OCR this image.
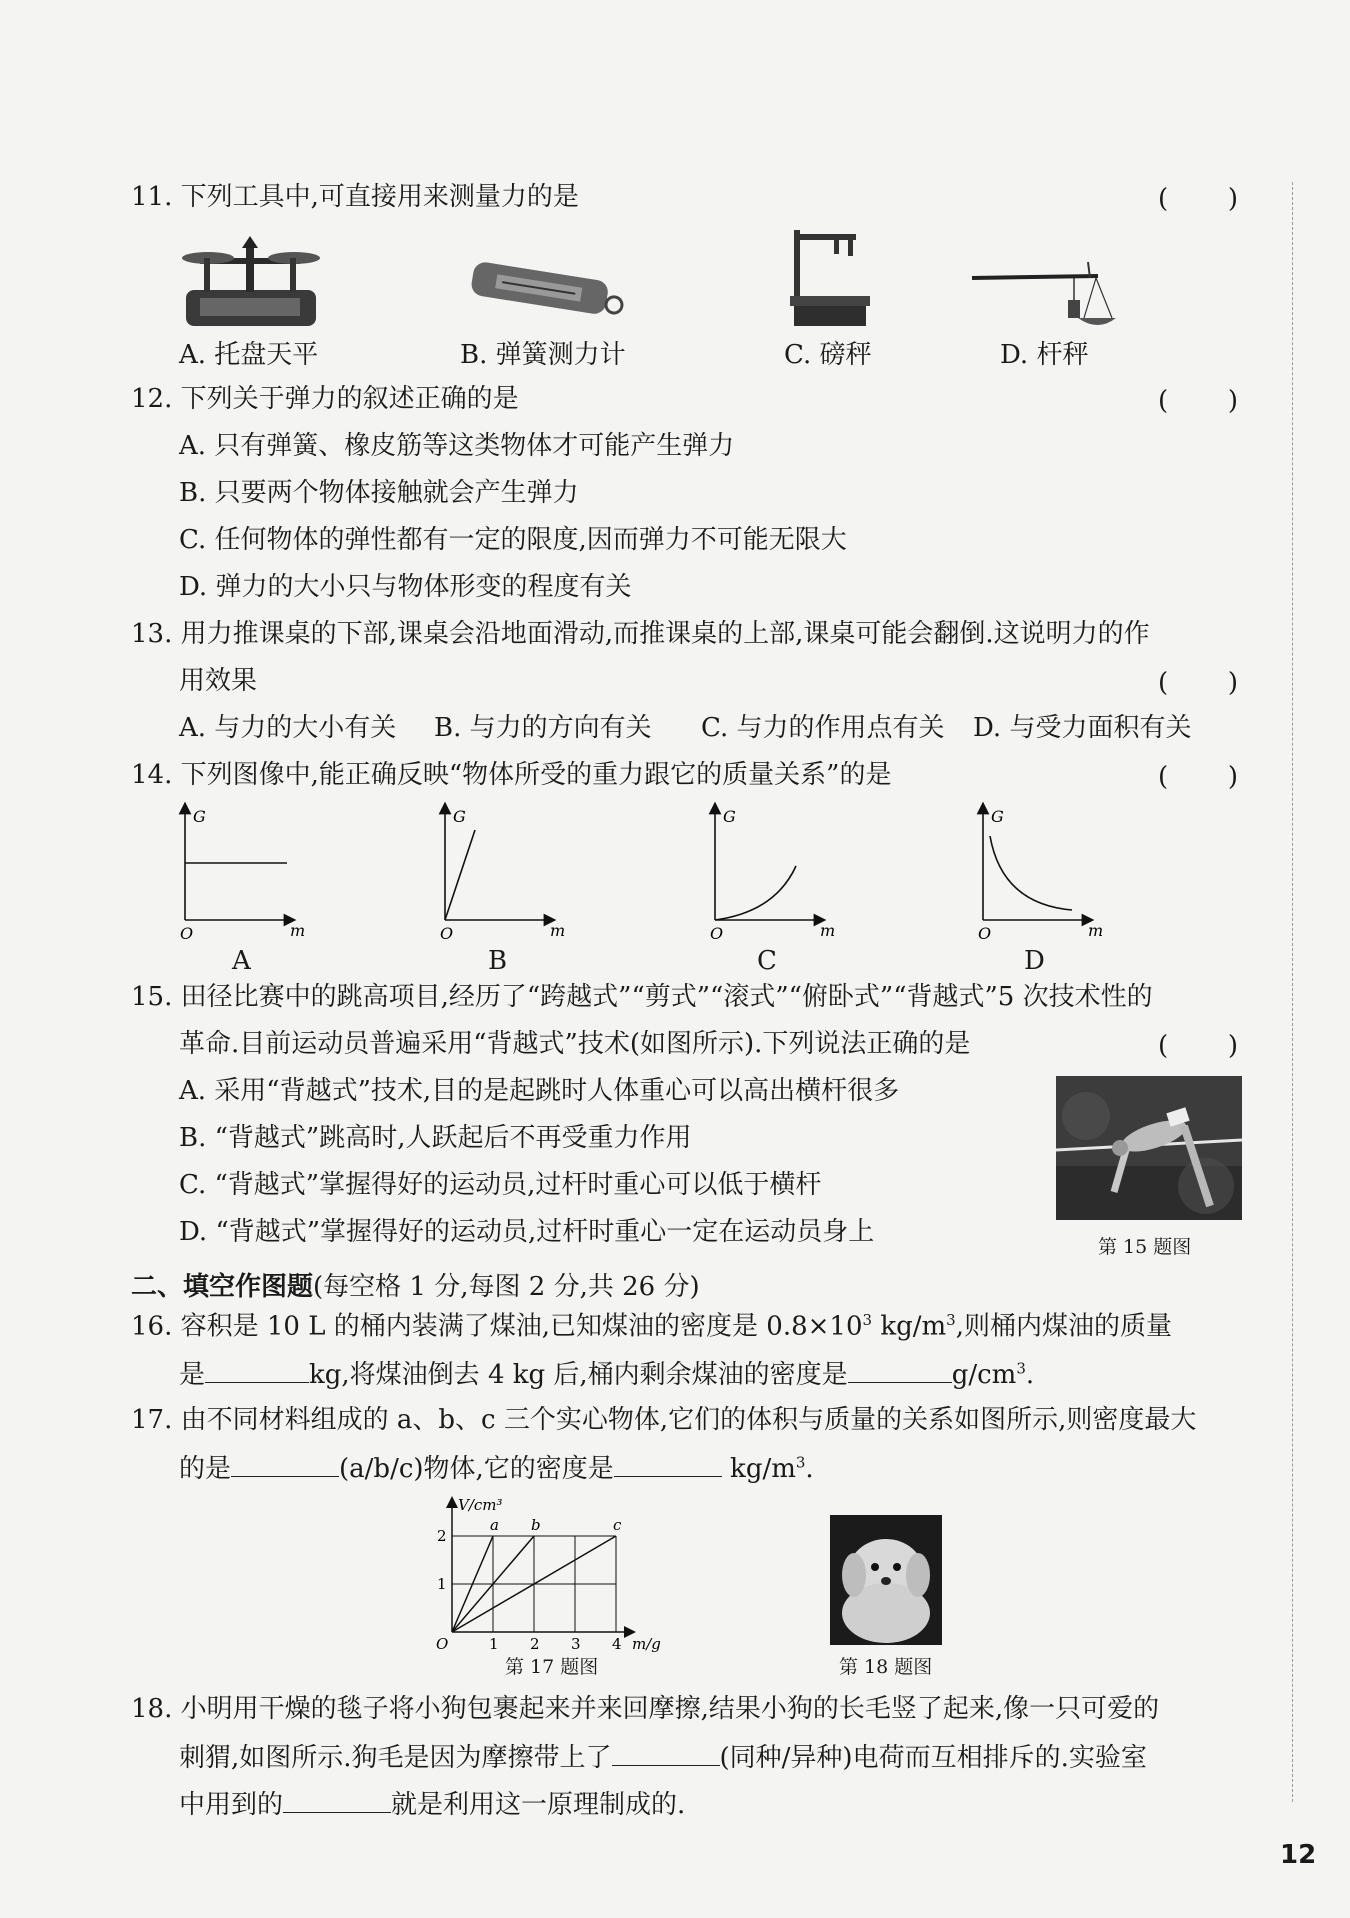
11. 下列工具中,可直接用来测量力的是	( )
A. 托盘天平	B. 弹簧测力计	C. 磅秤	D. 杆秤
12. 下列关于弹力的叙述正确的是	( )
A. 只有弹簧、橡皮筋等这类物体才可能产生弹力
B. 只要两个物体接触就会产生弹力
C. 任何物体的弹性都有一定的限度,因而弹力不可能无限大
D. 弹力的大小只与物体形变的程度有关
13. 用力推课桌的下部,课桌会沿地面滑动,而推课桌的上部,课桌可能会翻倒.这说明力的作
用效果	( )
A. 与力的大小有关 B. 与力的方向有关 C. 与力的作用点有关 D. 与受力面积有关
14. 下列图像中,能正确反映“物体所受的重力跟它的质量关系”的是	( )
G
O	m
A
G
O	m
B
G
O	m
C
G
O	m
D
15. 田径比赛中的跳高项目,经历了“跨越式”“剪式”“滚式”“俯卧式”“背越式”5 次技术性的
革命.目前运动员普遍采用“背越式”技术(如图所示).下列说法正确的是	( )
A. 采用“背越式”技术,目的是起跳时人体重心可以高出横杆很多
B. “背越式”跳高时,人跃起后不再受重力作用
C. “背越式”掌握得好的运动员,过杆时重心可以低于横杆
D. “背越式”掌握得好的运动员,过杆时重心一定在运动员身上	第 15 题图
二、填空作图题(每空格 1 分,每图 2 分,共 26 分)
16. 容积是 10 L 的桶内装满了煤油,已知煤油的密度是 $0.8\times 10^3$ $kg/m^3$,则桶内煤油的质量
是	kg,将煤油倒去 4 kg 后,桶内剩余煤油的密度是	$g/cm^3$.
17. 由不同材料组成的 a、b、c 三个实心物体,它们的体积与质量的关系如图所示,则密度最大
的是	(a/b/c)物体,它的密度是	$kg/m^3$.
a b	c
1 2 3 4
1
2
O	m/g
V/cm³
第 17 题图	第 18 题图
18. 小明用干燥的毯子将小狗包裹起来并来回摩擦,结果小狗的长毛竖了起来,像一只可爱的
刺猬,如图所示.狗毛是因为摩擦带上了	(同种/异种)电荷而互相排斥的.实验室
中用到的	就是利用这一原理制成的.
12
